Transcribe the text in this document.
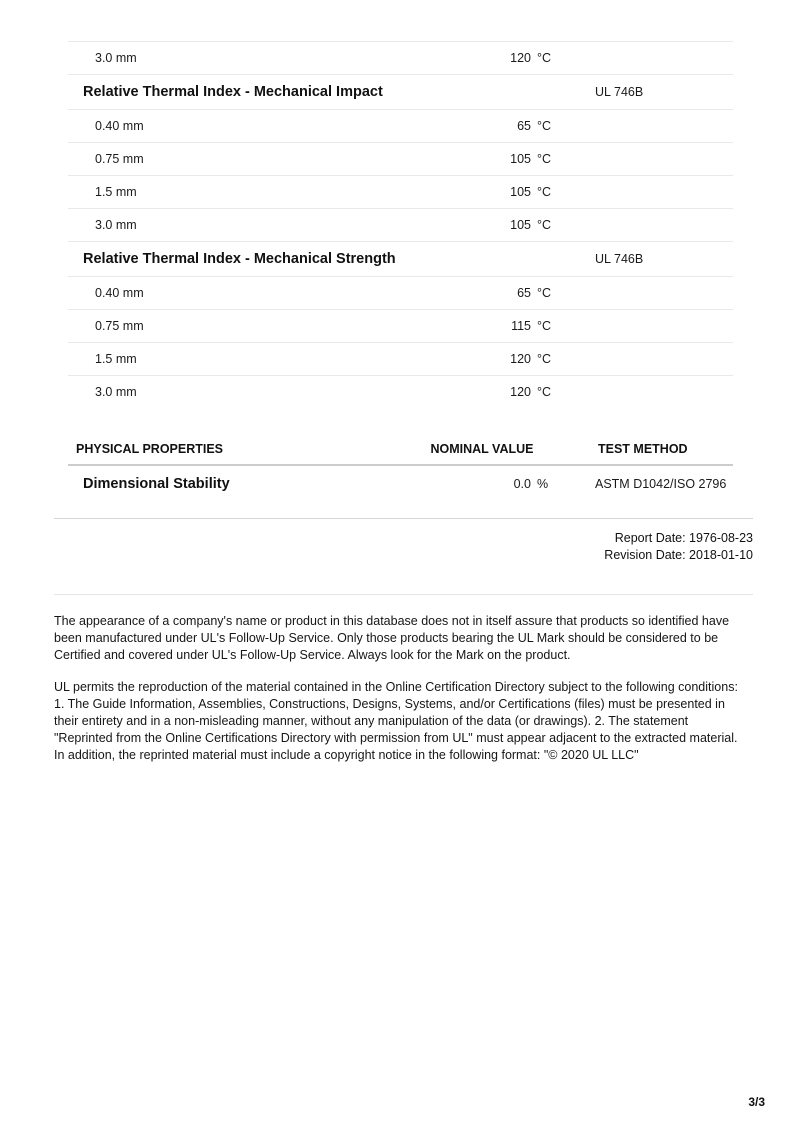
3.0 mm	120 °C
Relative Thermal Index - Mechanical Impact	UL 746B
0.40 mm	65 °C
0.75 mm	105 °C
1.5 mm	105 °C
3.0 mm	105 °C
Relative Thermal Index - Mechanical Strength	UL 746B
0.40 mm	65 °C
0.75 mm	115 °C
1.5 mm	120 °C
3.0 mm	120 °C
PHYSICAL PROPERTIES	NOMINAL VALUE	TEST METHOD
Dimensional Stability	0.0 %	ASTM D1042/ISO 2796
Report Date: 1976-08-23
Revision Date: 2018-01-10

The appearance of a company's name or product in this database does not in itself assure that products so identified have been manufactured under UL's Follow-Up Service. Only those products bearing the UL Mark should be considered to be Certified and covered under UL's Follow-Up Service. Always look for the Mark on the product.

UL permits the reproduction of the material contained in the Online Certification Directory subject to the following conditions: 1. The Guide Information, Assemblies, Constructions, Designs, Systems, and/or Certifications (files) must be presented in their entirety and in a non-misleading manner, without any manipulation of the data (or drawings). 2. The statement "Reprinted from the Online Certifications Directory with permission from UL" must appear adjacent to the extracted material. In addition, the reprinted material must include a copyright notice in the following format: "© 2020 UL LLC"

3/3
